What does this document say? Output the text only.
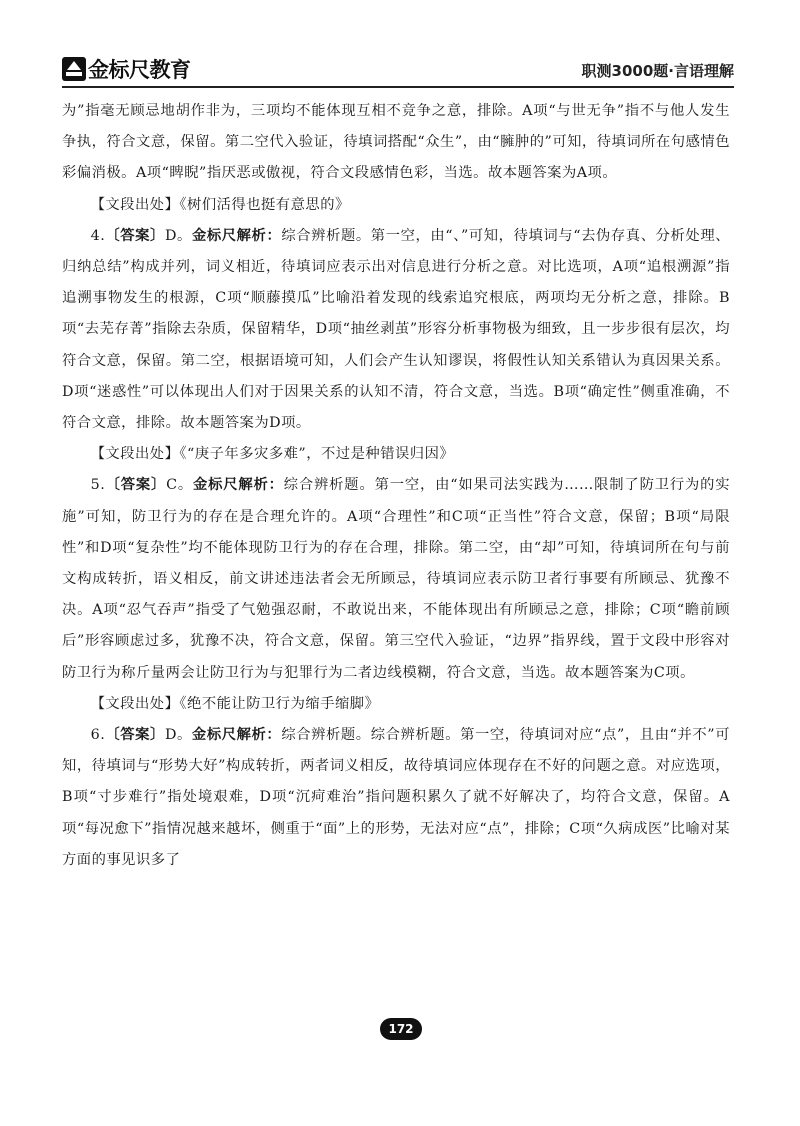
金标尺教育	职测3000题·言语理解

为”指毫无顾忌地胡作非为，三项均不能体现互相不竞争之意，排除。A项“与世无争”指不与他人发生争执，符合文意，保留。第二空代入验证，待填词搭配“众生”，由“臃肿的”可知，待填词所在句感情色彩偏消极。A项“睥睨”指厌恶或傲视，符合文段感情色彩，当选。故本题答案为A项。

【文段出处】《树们活得也挺有意思的》

4.〔答案〕D。金标尺解析：综合辨析题。第一空，由“、”可知，待填词与“去伪存真、分析处理、归纳总结”构成并列，词义相近，待填词应表示出对信息进行分析之意。对比选项，A项“追根溯源”指追溯事物发生的根源，C项“顺藤摸瓜”比喻沿着发现的线索追究根底，两项均无分析之意，排除。B项“去芜存菁”指除去杂质，保留精华，D项“抽丝剥茧”形容分析事物极为细致，且一步步很有层次，均符合文意，保留。第二空，根据语境可知，人们会产生认知谬误，将假性认知关系错认为真因果关系。D项“迷惑性”可以体现出人们对于因果关系的认知不清，符合文意，当选。B项“确定性”侧重准确，不符合文意，排除。故本题答案为D项。

【文段出处】《“庚子年多灾多难”，不过是种错误归因》

5.〔答案〕C。金标尺解析：综合辨析题。第一空，由“如果司法实践为……限制了防卫行为的实施”可知，防卫行为的存在是合理允许的。A项“合理性”和C项“正当性”符合文意，保留；B项“局限性”和D项“复杂性”均不能体现防卫行为的存在合理，排除。第二空，由“却”可知，待填词所在句与前文构成转折，语义相反，前文讲述违法者会无所顾忌，待填词应表示防卫者行事要有所顾忌、犹豫不决。A项“忍气吞声”指受了气勉强忍耐，不敢说出来，不能体现出有所顾忌之意，排除；C项“瞻前顾后”形容顾虑过多，犹豫不决，符合文意，保留。第三空代入验证，“边界”指界线，置于文段中形容对防卫行为称斤量两会让防卫行为与犯罪行为二者边线模糊，符合文意，当选。故本题答案为C项。

【文段出处】《绝不能让防卫行为缩手缩脚》

6.〔答案〕D。金标尺解析：综合辨析题。综合辨析题。第一空，待填词对应“点”，且由“并不”可知，待填词与“形势大好”构成转折，两者词义相反，故待填词应体现存在不好的问题之意。对应选项，B项“寸步难行”指处境艰难，D项“沉疴难治”指问题积累久了就不好解决了，均符合文意，保留。A项“每况愈下”指情况越来越坏，侧重于“面”上的形势，无法对应“点”，排除；C项“久病成医”比喻对某方面的事见识多了

172
